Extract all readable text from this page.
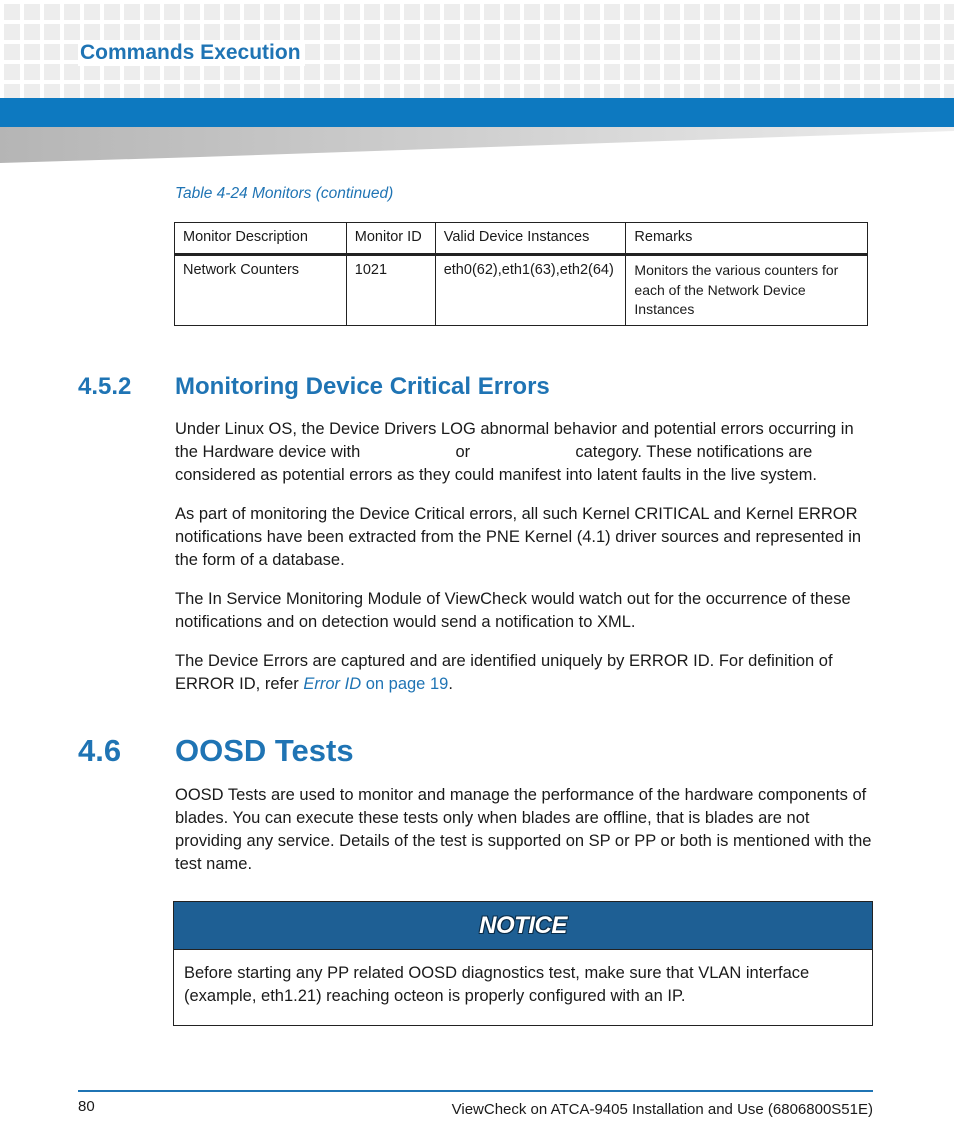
Commands Execution
Table 4-24 Monitors (continued)
Monitor Description	Monitor ID	Valid Device Instances	Remarks
Network Counters	1021	eth0(62),eth1(63),eth2(64)	Monitors the various counters for each of the Network Device Instances
4.5.2 Monitoring Device Critical Errors

Under Linux OS, the Device Drivers LOG abnormal behavior and potential errors occurring in the Hardware device with	or	category. These notifications are considered as potential errors as they could manifest into latent faults in the live system.

As part of monitoring the Device Critical errors, all such Kernel CRITICAL and Kernel ERROR notifications have been extracted from the PNE Kernel (4.1) driver sources and represented in the form of a database.

The In Service Monitoring Module of ViewCheck would watch out for the occurrence of these notifications and on detection would send a notification to XML.

The Device Errors are captured and are identified uniquely by ERROR ID. For definition of ERROR ID, refer Error ID on page 19.

4.6 OOSD Tests

OOSD Tests are used to monitor and manage the performance of the hardware components of blades. You can execute these tests only when blades are offline, that is blades are not providing any service. Details of the test is supported on SP or PP or both is mentioned with the test name.

NOTICE
Before starting any PP related OOSD diagnostics test, make sure that VLAN interface (example, eth1.21) reaching octeon is properly configured with an IP.
80	ViewCheck on ATCA-9405 Installation and Use (6806800S51E)
